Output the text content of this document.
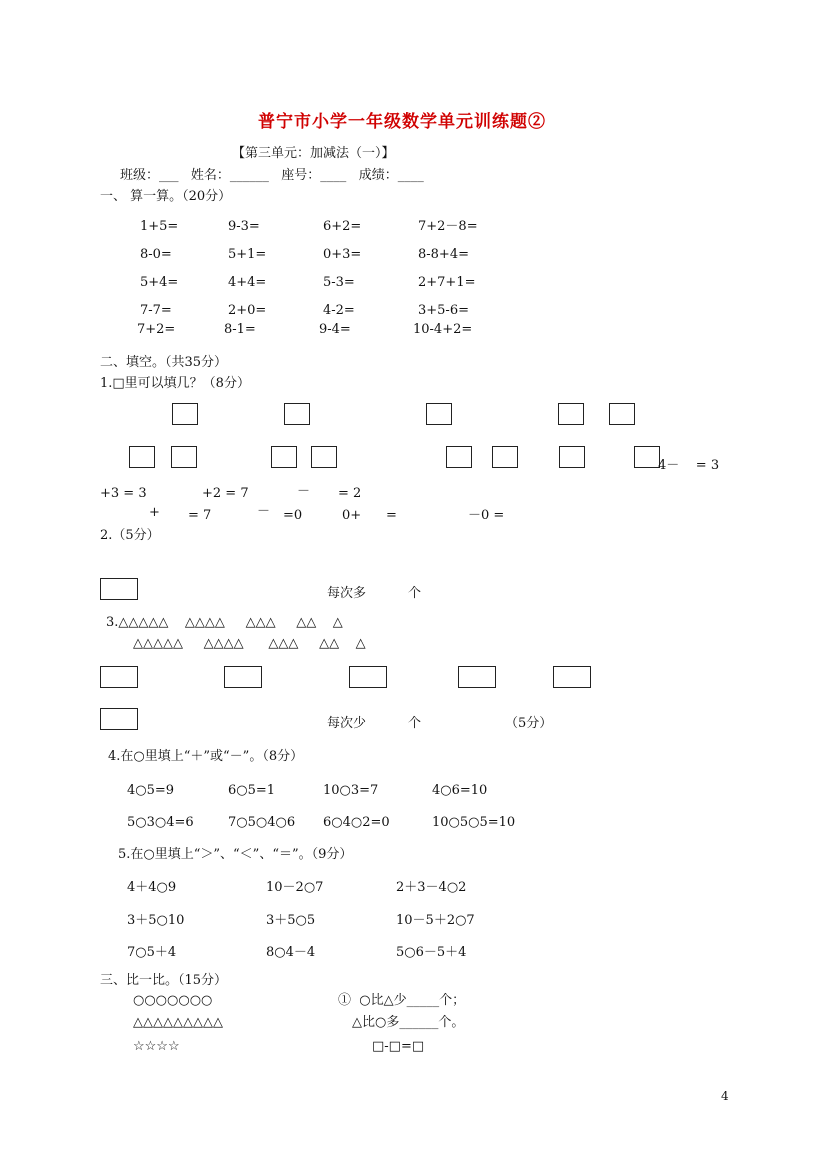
普宁市小学一年级数学单元训练题②
【第三单元：加减法（一）】
班级：___   姓名：______   座号：____   成绩：____
一、 算一算。（20分）
1+5=	9-3=	6+2=	7+2－8=
8-0=	5+1=	0+3=	8-8+4=
5+4=	4+4=	5-3=	2+7+1=
7-7=	2+0=	4-2=	3+5-6=
7+2=	8-1=	9-4=	10-4+2=
二、填空。（共35分）
1.□里可以填几？（8分）
4－    = 3
+3 = 3	+2 = 7	－ = 2
+ = 7	－ =0	0+ =	－0 =
2.（5分）
每次多	个
3.△△△△△    △△△△     △△△     △△    △
△△△△△     △△△△      △△△     △△    △
每次少	个	（5分）
4.在○里填上“＋”或“－”。（8分）
4○5=9	6○5=1	10○3=7	4○6=10
5○3○4=6	7○5○4○6 6○4○2=0	10○5○5=10
5.在○里填上“＞”、“＜”、“＝”。（9分）
4＋4○9	10－2○7	2＋3－4○2
3＋5○10	3＋5○5	10－5＋2○7
7○5＋4	8○4－4	5○6－5＋4
三、比一比。（15分）
○○○○○○○
△△△△△△△△△
☆☆☆☆
①  ○比△少_____个；
△比○多______个。
□-□=□
4
